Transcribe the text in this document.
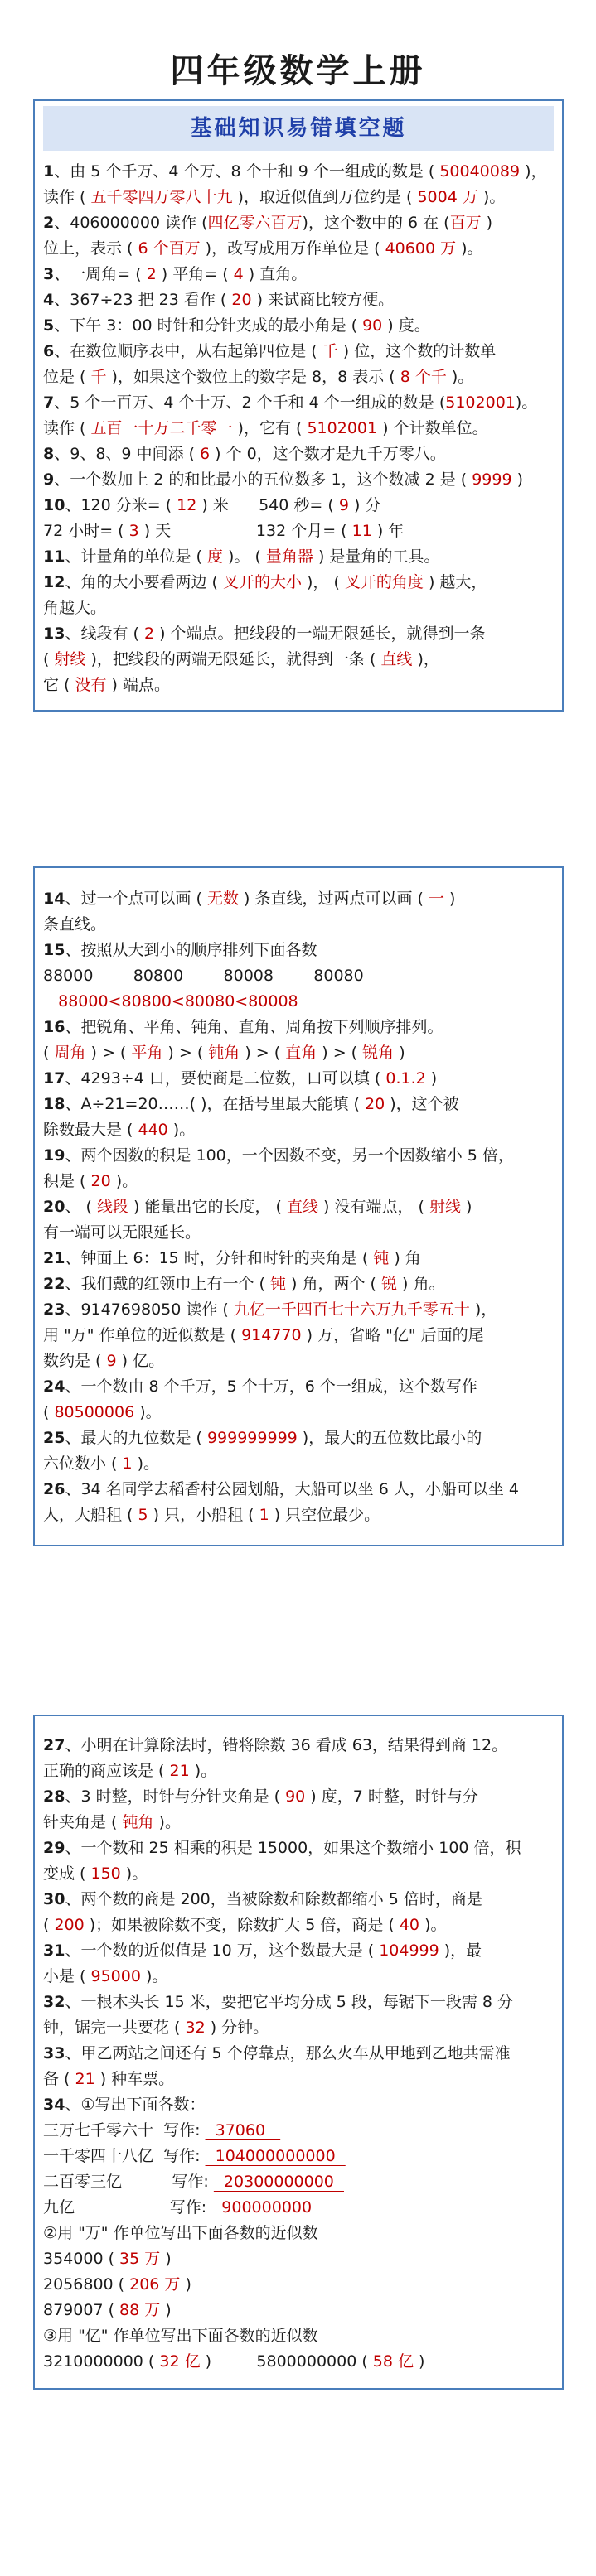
四年级数学上册
基础知识易错填空题
1、由 5 个千万、4 个万、8 个十和 9 个一组成的数是 ( 50040089 )，
读作 ( 五千零四万零八十九 )，取近似值到万位约是 ( 5004 万 )。
2、406000000 读作 (四亿零六百万)，这个数中的 6 在 (百万 )
位上，表示 ( 6 个百万 )，改写成用万作单位是 ( 40600 万 )。
3、一周角= ( 2 ) 平角= ( 4 ) 直角。
4、367÷23 把 23 看作 ( 20 ) 来试商比较方便。
5、下午 3：00 时针和分针夹成的最小角是 ( 90 ) 度。
6、在数位顺序表中，从右起第四位是 ( 千 ) 位，这个数的计数单
位是 ( 千 )，如果这个数位上的数字是 8，8 表示 ( 8 个千 )。
7、5 个一百万、4 个十万、2 个千和 4 个一组成的数是 (5102001)。
读作 ( 五百一十万二千零一 )，它有 ( 5102001 ) 个计数单位。
8、9、8、9 中间添 ( 6 ) 个 0，这个数才是九千万零八。
9、一个数加上 2 的和比最小的五位数多 1，这个数减 2 是 ( 9999 )
10、120 分米= ( 12 ) 米      540 秒= ( 9 ) 分
72 小时= ( 3 ) 天                 132 个月= ( 11 ) 年
11、计量角的单位是 ( 度 )。 ( 量角器 ) 是量角的工具。
12、角的大小要看两边 ( 叉开的大小 )， ( 叉开的角度 ) 越大，
角越大。
13、线段有 ( 2 ) 个端点。把线段的一端无限延长，就得到一条
( 射线 )，把线段的两端无限延长，就得到一条 ( 直线 )，
它 ( 没有 ) 端点。
14、过一个点可以画 ( 无数 ) 条直线，过两点可以画 ( 一 )
条直线。
15、按照从大到小的顺序排列下面各数
88000        80800        80008        80080
88000<80800<80080<80008
16、把锐角、平角、钝角、直角、周角按下列顺序排列。
( 周角 ) > ( 平角 ) > ( 钝角 ) > ( 直角 ) > ( 锐角 )
17、4293÷4 口，要使商是二位数，口可以填 ( 0.1.2 )
18、A÷21=20……( )，在括号里最大能填 ( 20 )，这个被
除数最大是 ( 440 )。
19、两个因数的积是 100，一个因数不变，另一个因数缩小 5 倍，
积是 ( 20 )。
20、 ( 线段 ) 能量出它的长度， ( 直线 ) 没有端点， ( 射线 )
有一端可以无限延长。
21、钟面上 6：15 时，分针和时针的夹角是 ( 钝 ) 角
22、我们戴的红领巾上有一个 ( 钝 ) 角，两个 ( 锐 ) 角。
23、9147698050 读作 ( 九亿一千四百七十六万九千零五十 )，
用 "万" 作单位的近似数是 ( 914770 ) 万，省略 "亿" 后面的尾
数约是 ( 9 ) 亿。
24、一个数由 8 个千万，5 个十万，6 个一组成，这个数写作
( 80500006 )。
25、最大的九位数是 ( 999999999 )，最大的五位数比最小的
六位数小 ( 1 )。
26、34 名同学去稻香村公园划船，大船可以坐 6 人，小船可以坐 4
人，大船租 ( 5 ) 只，小船租 ( 1 ) 只空位最少。
27、小明在计算除法时，错将除数 36 看成 63，结果得到商 12。
正确的商应该是 ( 21 )。
28、3 时整，时针与分针夹角是 ( 90 ) 度，7 时整，时针与分
针夹角是 ( 钝角 )。
29、一个数和 25 相乘的积是 15000，如果这个数缩小 100 倍，积
变成 ( 150 )。
30、两个数的商是 200，当被除数和除数都缩小 5 倍时，商是
( 200 )；如果被除数不变，除数扩大 5 倍，商是 ( 40 )。
31、一个数的近似值是 10 万，这个数最大是 ( 104999 )，最
小是 ( 95000 )。
32、一根木头长 15 米，要把它平均分成 5 段，每锯下一段需 8 分
钟，锯完一共要花 ( 32 ) 分钟。
33、甲乙两站之间还有 5 个停靠点，那么火车从甲地到乙地共需准
备 ( 21 ) 种车票。
34、①写出下面各数：
三万七千零六十  写作:   37060
一千零四十八亿  写作:   104000000000
二百零三亿          写作:   20300000000
九亿                   写作:   900000000
②用 "万" 作单位写出下面各数的近似数
354000 ( 35 万 )
2056800 ( 206 万 )
879007 ( 88 万 )
③用 "亿" 作单位写出下面各数的近似数
3210000000 ( 32 亿 )         5800000000 ( 58 亿 )
